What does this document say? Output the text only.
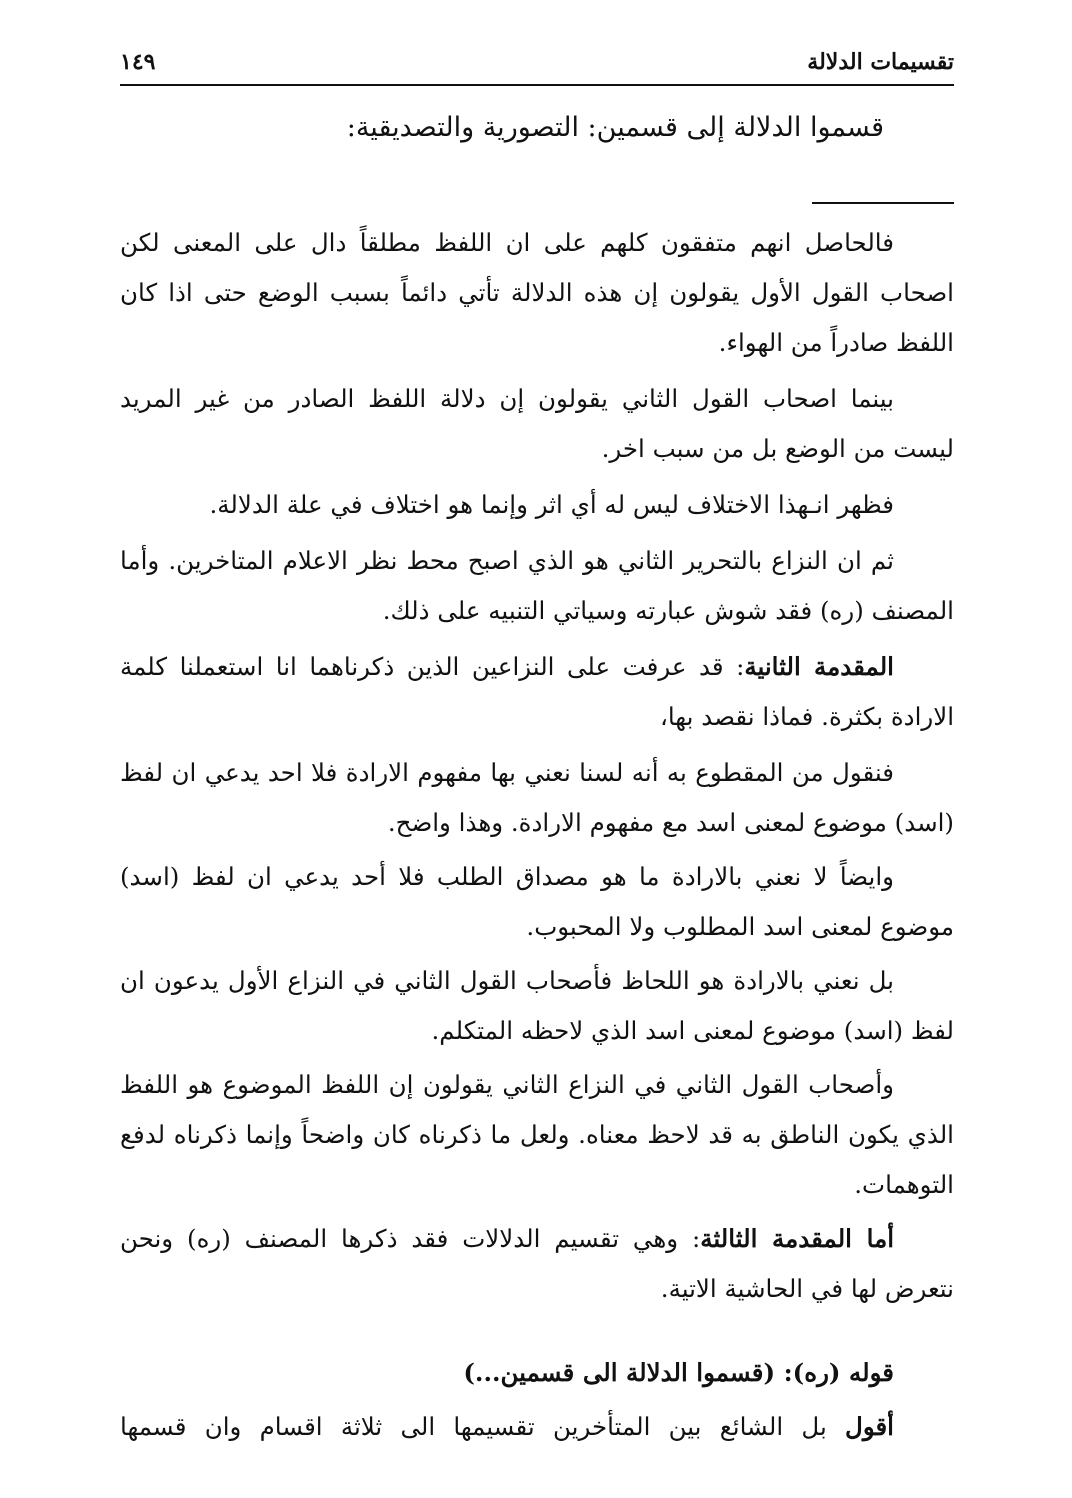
تقسيمات الدلالة
١٤٩

قسموا الدلالة إلى قسمين: التصورية والتصديقية:

فالحاصل انهم متفقون كلهم على ان اللفظ مطلقاً دال على المعنى لكن اصحاب القول الأول يقولون إن هذه الدلالة تأتي دائماً بسبب الوضع حتى اذا كان اللفظ صادراً من الهواء.

بينما اصحاب القول الثاني يقولون إن دلالة اللفظ الصادر من غير المريد ليست من الوضع بل من سبب اخر.

فظهر انـهذا الاختلاف ليس له أي اثر وإنما هو اختلاف في علة الدلالة.

ثم ان النزاع بالتحرير الثاني هو الذي اصبح محط نظر الاعلام المتاخرين. وأما المصنف (ره) فقد شوش عبارته وسياتي التنبيه على ذلك.

المقدمة الثانية: قد عرفت على النزاعين الذين ذكرناهما انا استعملنا كلمة الارادة بكثرة. فماذا نقصد بها،

فنقول من المقطوع به أنه لسنا نعني بها مفهوم الارادة فلا احد يدعي ان لفظ (اسد) موضوع لمعنى اسد مع مفهوم الارادة. وهذا واضح.

وايضاً لا نعني بالارادة ما هو مصداق الطلب فلا أحد يدعي ان لفظ (اسد) موضوع لمعنى اسد المطلوب ولا المحبوب.

بل نعني بالارادة هو اللحاظ فأصحاب القول الثاني في النزاع الأول يدعون ان لفظ (اسد) موضوع لمعنى اسد الذي لاحظه المتكلم.

وأصحاب القول الثاني في النزاع الثاني يقولون إن اللفظ الموضوع هو اللفظ الذي يكون الناطق به قد لاحظ معناه. ولعل ما ذكرناه كان واضحاً وإنما ذكرناه لدفع التوهمات.

أما المقدمة الثالثة: وهي تقسيم الدلالات فقد ذكرها المصنف (ره) ونحن نتعرض لها في الحاشية الاتية.

قوله (ره): (قسموا الدلالة الى قسمين...)

أقول بل الشائع بين المتأخرين تقسيمها الى ثلاثة اقسام وان قسمها
